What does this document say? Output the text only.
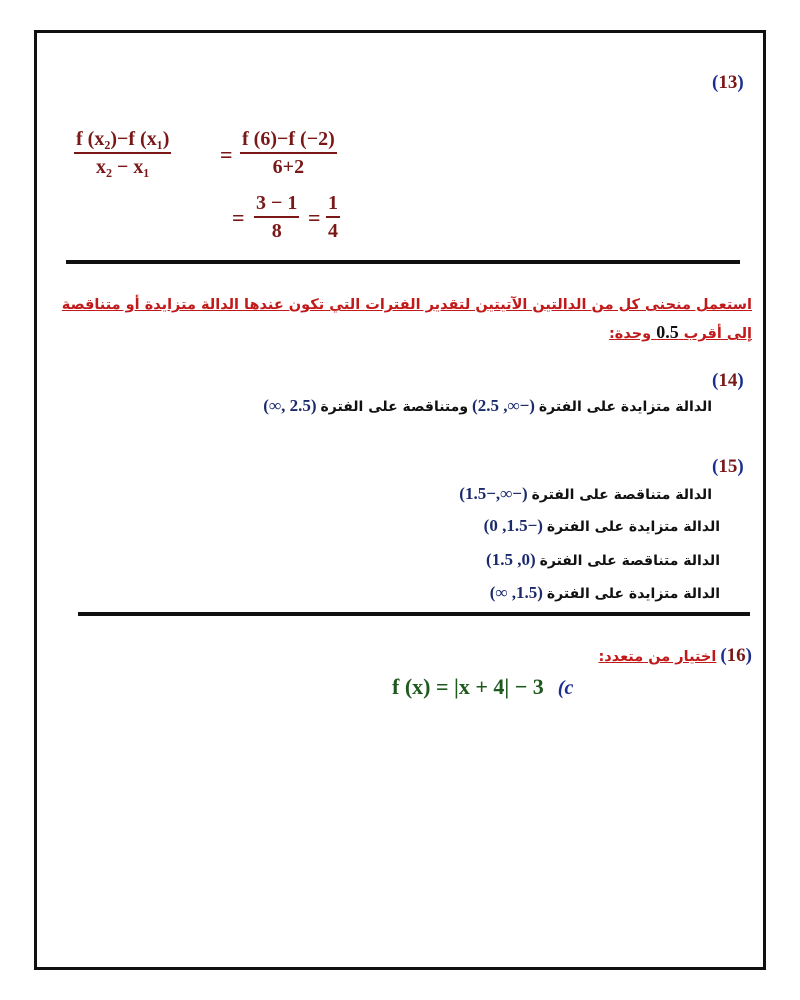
(13)
$\frac{\text{f (x₂)−f (x₁)}}{\text{x₂ − x₁}} = \frac{f (6)-f (-2)}{6+2}$
= $\frac{3 - 1}{8} = \frac{1}{4}$
استعمل منحنى كل من الدالتين الآتيتين لتقدير الفترات التي تكون عندها الدالة متزايدة أو متناقصة
إلى أقرب 0.5 وحدة:
(14)
الدالة متزايدة على الفترة (−∞, 2.5) ومتناقصة على الفترة (2.5 ,∞)
(15)
الدالة متناقصة على الفترة (−∞,−1.5)
الدالة متزايدة على الفترة (−1.5, 0)
الدالة متناقصة على الفترة (0, 1.5)
الدالة متزايدة على الفترة (1.5, ∞)
(16) اختيار من متعدد:
f (x) = |x + 4| − 3 (c
